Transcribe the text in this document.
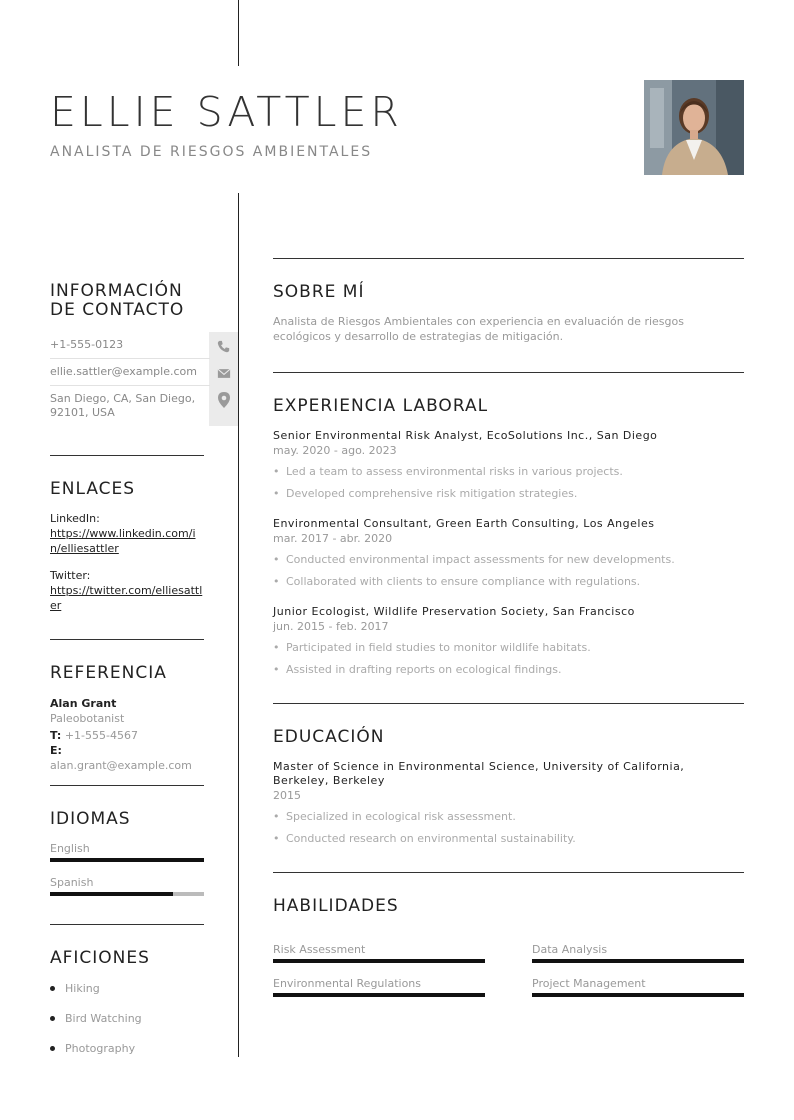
ELLIE SATTLER
ANALISTA DE RIESGOS AMBIENTALES
INFORMACIÓN DE CONTACTO
+1-555-0123
ellie.sattler@example.com
San Diego, CA, San Diego, 92101, USA
ENLACES
LinkedIn:
https://www.linkedin.com/in/elliesattler
Twitter:
https://twitter.com/elliesattler
REFERENCIA
Alan Grant
Paleobotanist
T: +1-555-4567
E: alan.grant@example.com
IDIOMAS
English
Spanish
AFICIONES
Hiking
Bird Watching
Photography
SOBRE MÍ
Analista de Riesgos Ambientales con experiencia en evaluación de riesgos ecológicos y desarrollo de estrategias de mitigación.
EXPERIENCIA LABORAL
Senior Environmental Risk Analyst, EcoSolutions Inc., San Diego
may. 2020 - ago. 2023
• Led a team to assess environmental risks in various projects.
• Developed comprehensive risk mitigation strategies.
Environmental Consultant, Green Earth Consulting, Los Angeles
mar. 2017 - abr. 2020
• Conducted environmental impact assessments for new developments.
• Collaborated with clients to ensure compliance with regulations.
Junior Ecologist, Wildlife Preservation Society, San Francisco
jun. 2015 - feb. 2017
• Participated in field studies to monitor wildlife habitats.
• Assisted in drafting reports on ecological findings.
EDUCACIÓN
Master of Science in Environmental Science, University of California, Berkeley, Berkeley
2015
• Specialized in ecological risk assessment.
• Conducted research on environmental sustainability.
HABILIDADES
Risk Assessment	Data Analysis
Environmental Regulations	Project Management
